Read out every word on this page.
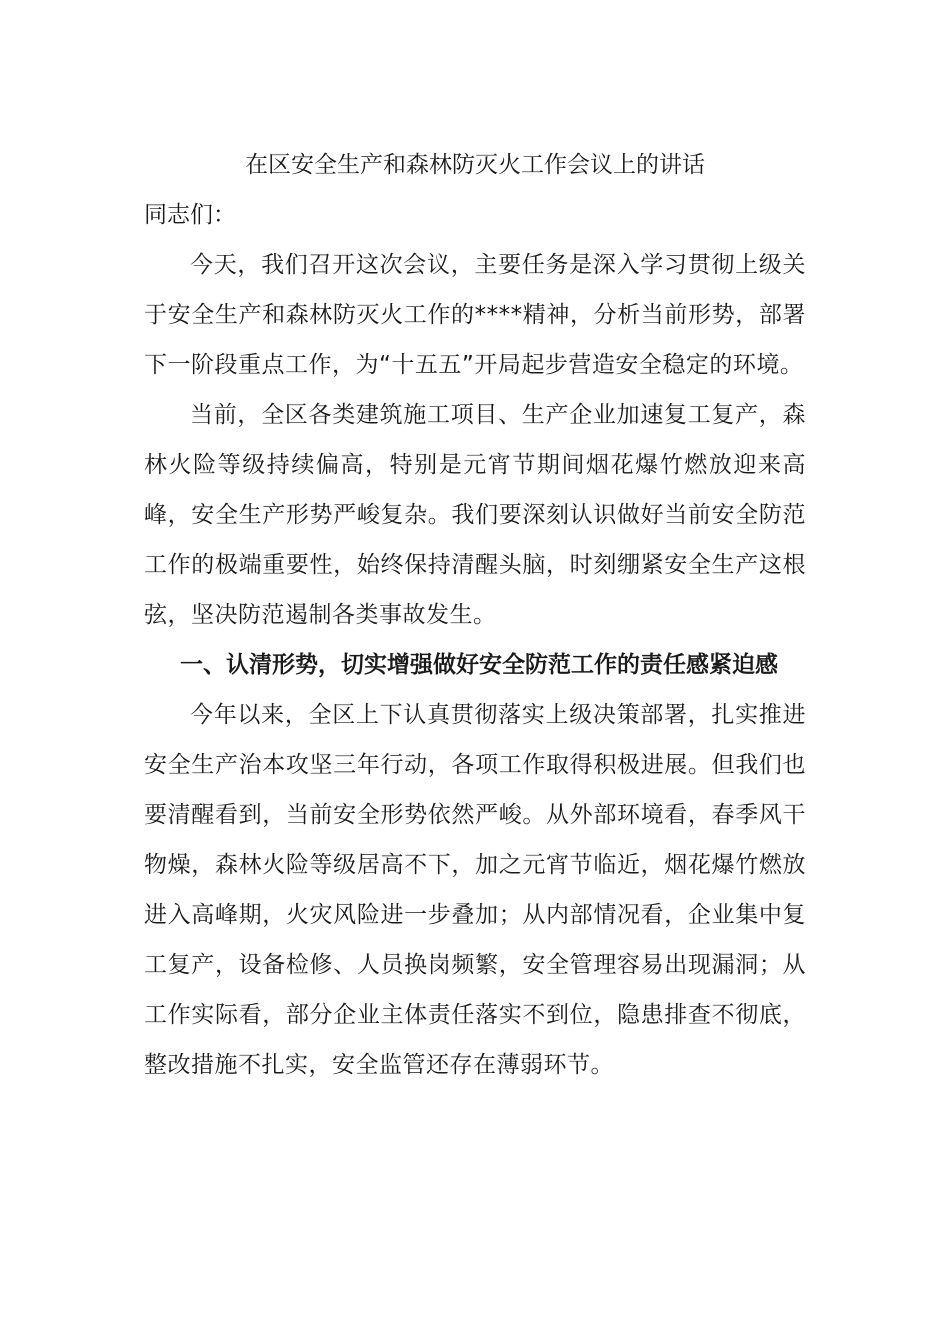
在区安全生产和森林防灭火工作会议上的讲话

同志们：

今天，我们召开这次会议，主要任务是深入学习贯彻上级关于安全生产和森林防灭火工作的****精神，分析当前形势，部署下一阶段重点工作，为“十五五”开局起步营造安全稳定的环境。

当前，全区各类建筑施工项目、生产企业加速复工复产，森林火险等级持续偏高，特别是元宵节期间烟花爆竹燃放迎来高峰，安全生产形势严峻复杂。我们要深刻认识做好当前安全防范工作的极端重要性，始终保持清醒头脑，时刻绷紧安全生产这根弦，坚决防范遏制各类事故发生。

一、认清形势，切实增强做好安全防范工作的责任感紧迫感

今年以来，全区上下认真贯彻落实上级决策部署，扎实推进安全生产治本攻坚三年行动，各项工作取得积极进展。但我们也要清醒看到，当前安全形势依然严峻。从外部环境看，春季风干物燥，森林火险等级居高不下，加之元宵节临近，烟花爆竹燃放进入高峰期，火灾风险进一步叠加；从内部情况看，企业集中复工复产，设备检修、人员换岗频繁，安全管理容易出现漏洞；从工作实际看，部分企业主体责任落实不到位，隐患排查不彻底，整改措施不扎实，安全监管还存在薄弱环节。
